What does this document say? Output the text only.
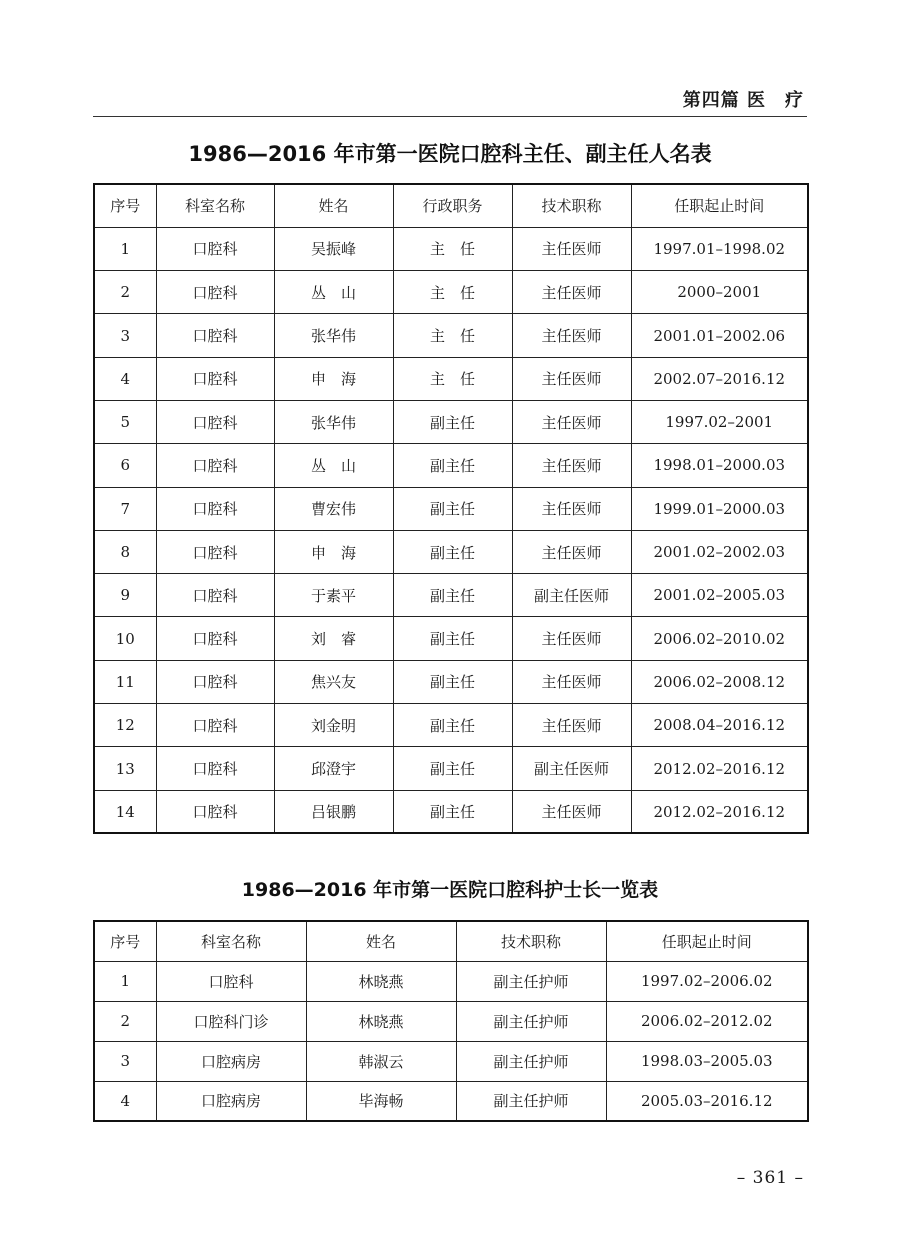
第四篇 医　疗
1986—2016 年市第一医院口腔科主任、副主任人名表
序号	科室名称	姓名	行政职务	技术职称	任职起止时间
1	口腔科	吴振峰	主　任	主任医师	1997.01–1998.02
2	口腔科	丛　山	主　任	主任医师	2000–2001
3	口腔科	张华伟	主　任	主任医师	2001.01–2002.06
4	口腔科	申　海	主　任	主任医师	2002.07–2016.12
5	口腔科	张华伟	副主任	主任医师	1997.02–2001
6	口腔科	丛　山	副主任	主任医师	1998.01–2000.03
7	口腔科	曹宏伟	副主任	主任医师	1999.01–2000.03
8	口腔科	申　海	副主任	主任医师	2001.02–2002.03
9	口腔科	于素平	副主任	副主任医师	2001.02–2005.03
10	口腔科	刘　睿	副主任	主任医师	2006.02–2010.02
11	口腔科	焦兴友	副主任	主任医师	2006.02–2008.12
12	口腔科	刘金明	副主任	主任医师	2008.04–2016.12
13	口腔科	邱澄宇	副主任	副主任医师	2012.02–2016.12
14	口腔科	吕银鹏	副主任	主任医师	2012.02–2016.12
1986—2016 年市第一医院口腔科护士长一览表
序号	科室名称	姓名	技术职称	任职起止时间
1	口腔科	林晓燕	副主任护师	1997.02–2006.02
2	口腔科门诊	林晓燕	副主任护师	2006.02–2012.02
3	口腔病房	韩淑云	副主任护师	1998.03–2005.03
4	口腔病房	毕海畅	副主任护师	2005.03–2016.12
– 361 –
